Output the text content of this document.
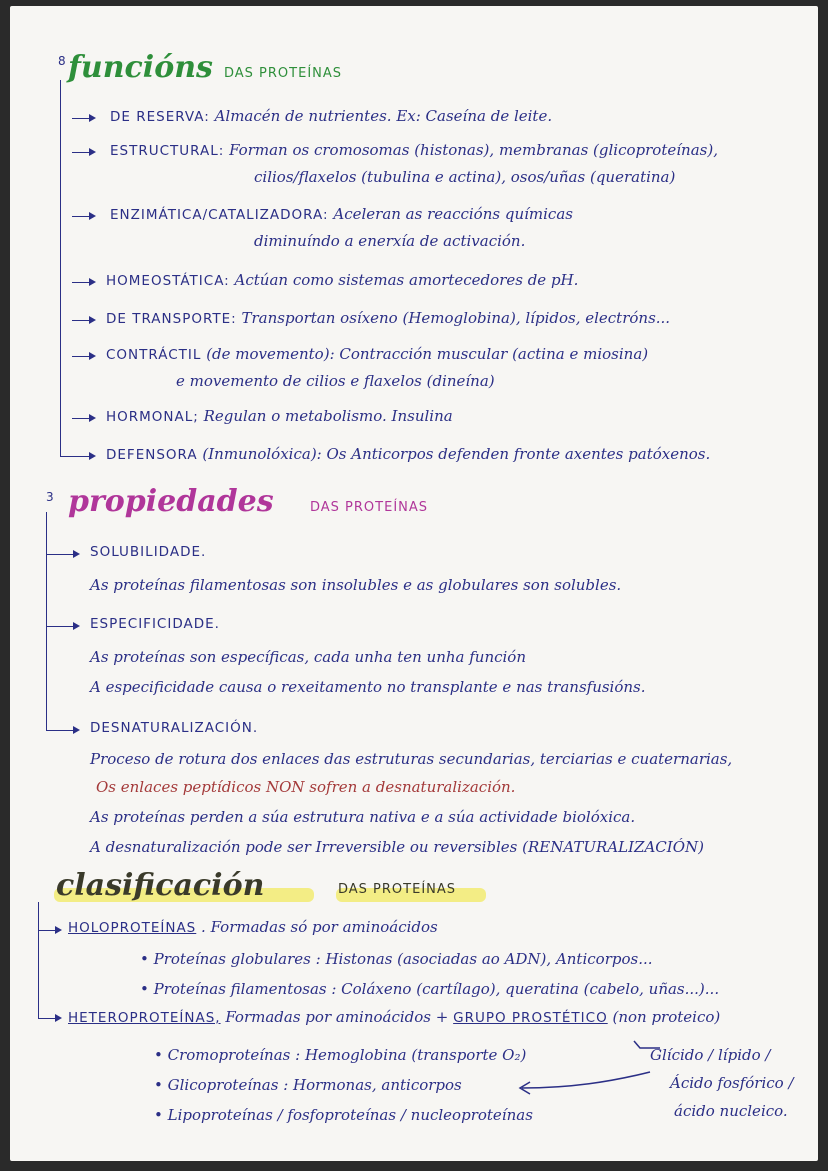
8 funcións DAS PROTEÍNAS
DE RESERVA: Almacén de nutrientes. Ex: Caseína de leite.
ESTRUCTURAL: Forman os cromosomas (histonas), membranas (glicoproteínas),
cilios/flaxelos (tubulina e actina), osos/uñas (queratina)
ENZIMÁTICA/CATALIZADORA: Aceleran as reaccións químicas
diminuíndo a enerxía de activación.
HOMEOSTÁTICA: Actúan como sistemas amortecedores de pH.
DE TRANSPORTE: Transportan osíxeno (Hemoglobina), lípidos, electróns...
CONTRÁCTIL (de movemento): Contracción muscular (actina e miosina)
e movemento de cilios e flaxelos (dineína)
HORMONAL; Regulan o metabolismo. Insulina
DEFENSORA (Inmunolóxica): Os Anticorpos defenden fronte axentes patóxenos.
3 propiedades	DAS PROTEÍNAS
SOLUBILIDADE.
As proteínas filamentosas son insolubles e as globulares son solubles.
ESPECIFICIDADE.
As proteínas son específicas, cada unha ten unha función
A especificidade causa o rexeitamento no transplante e nas transfusións.
DESNATURALIZACIÓN.
Proceso de rotura dos enlaces das estruturas secundarias, terciarias e cuaternarias,
Os enlaces peptídicos NON sofren a desnaturalización.
As proteínas perden a súa estrutura nativa e a súa actividade biolóxica.
A desnaturalización pode ser Irreversible ou reversibles (RENATURALIZACIÓN)
clasificación	DAS PROTEÍNAS
HOLOPROTEÍNAS . Formadas só por aminoácidos
• Proteínas globulares : Histonas (asociadas ao ADN), Anticorpos...
• Proteínas filamentosas : Coláxeno (cartílago), queratina (cabelo, uñas...)...
HETEROPROTEÍNAS, Formadas por aminoácidos + GRUPO PROSTÉTICO (non proteico)
• Cromoproteínas : Hemoglobina (transporte O₂)
• Glicoproteínas : Hormonas, anticorpos
• Lipoproteínas / fosfoproteínas / nucleoproteínas
Glícido / lípido /
Ácido fosfórico /
ácido nucleico.
